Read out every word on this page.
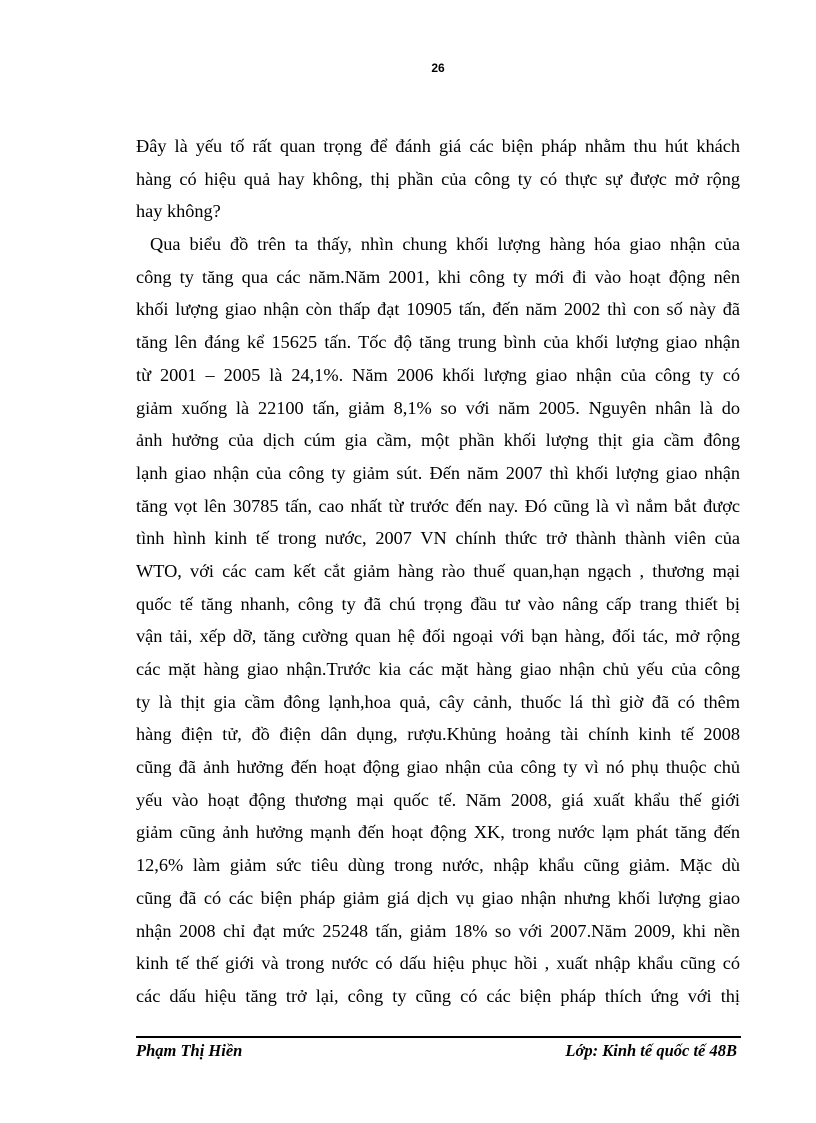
26
Đây là yếu tố rất quan trọng để đánh giá các biện pháp nhằm thu hút khách
hàng có hiệu quả hay không, thị phần của công ty có thực sự được mở rộng
hay không?
Qua biểu đồ trên ta thấy, nhìn chung khối lượng hàng hóa giao nhận của
công ty tăng qua các năm.Năm 2001, khi công ty mới đi vào hoạt động nên
khối lượng giao nhận còn thấp đạt 10905 tấn, đến năm 2002 thì con số này đã
tăng lên đáng kể 15625 tấn. Tốc độ tăng trung bình của khối lượng giao nhận
từ 2001 – 2005 là 24,1%. Năm 2006 khối lượng giao nhận của công ty có
giảm xuống là 22100 tấn, giảm 8,1% so với năm 2005. Nguyên nhân là do
ảnh hưởng của dịch cúm gia cầm, một phần khối lượng thịt gia cầm đông
lạnh giao nhận của công ty giảm sút. Đến năm 2007 thì khối lượng giao nhận
tăng vọt lên 30785 tấn, cao nhất từ trước đến nay. Đó cũng là vì nắm bắt được
tình hình kinh tế trong nước, 2007 VN chính thức trở thành thành viên của
WTO, với các cam kết cắt giảm hàng rào thuế quan,hạn ngạch , thương mại
quốc tế tăng nhanh, công ty đã chú trọng đầu tư vào nâng cấp trang thiết bị
vận tải, xếp dỡ, tăng cường quan hệ đối ngoại với bạn hàng, đối tác, mở rộng
các mặt hàng giao nhận.Trước kia các mặt hàng giao nhận chủ yếu của công
ty là thịt gia cầm đông lạnh,hoa quả, cây cảnh, thuốc lá thì giờ đã có thêm
hàng điện tử, đồ điện dân dụng, rượu.Khủng hoảng tài chính kinh tế 2008
cũng đã ảnh hưởng đến hoạt động giao nhận của công ty vì nó phụ thuộc chủ
yếu vào hoạt động thương mại quốc tế. Năm 2008, giá xuất khẩu thế giới
giảm cũng ảnh hưởng mạnh đến hoạt động XK, trong nước lạm phát tăng đến
12,6% làm giảm sức tiêu dùng trong nước, nhập khẩu cũng giảm. Mặc dù
cũng đã có các biện pháp giảm giá dịch vụ giao nhận nhưng khối lượng giao
nhận 2008 chỉ đạt mức 25248 tấn, giảm 18% so với 2007.Năm 2009, khi nền
kinh tế thế giới và trong nước có dấu hiệu phục hồi , xuất nhập khẩu cũng có
các dấu hiệu tăng trở lại, công ty cũng có các biện pháp thích ứng với thị
Phạm Thị Hiền	Lớp: Kinh tế quốc tế 48B
